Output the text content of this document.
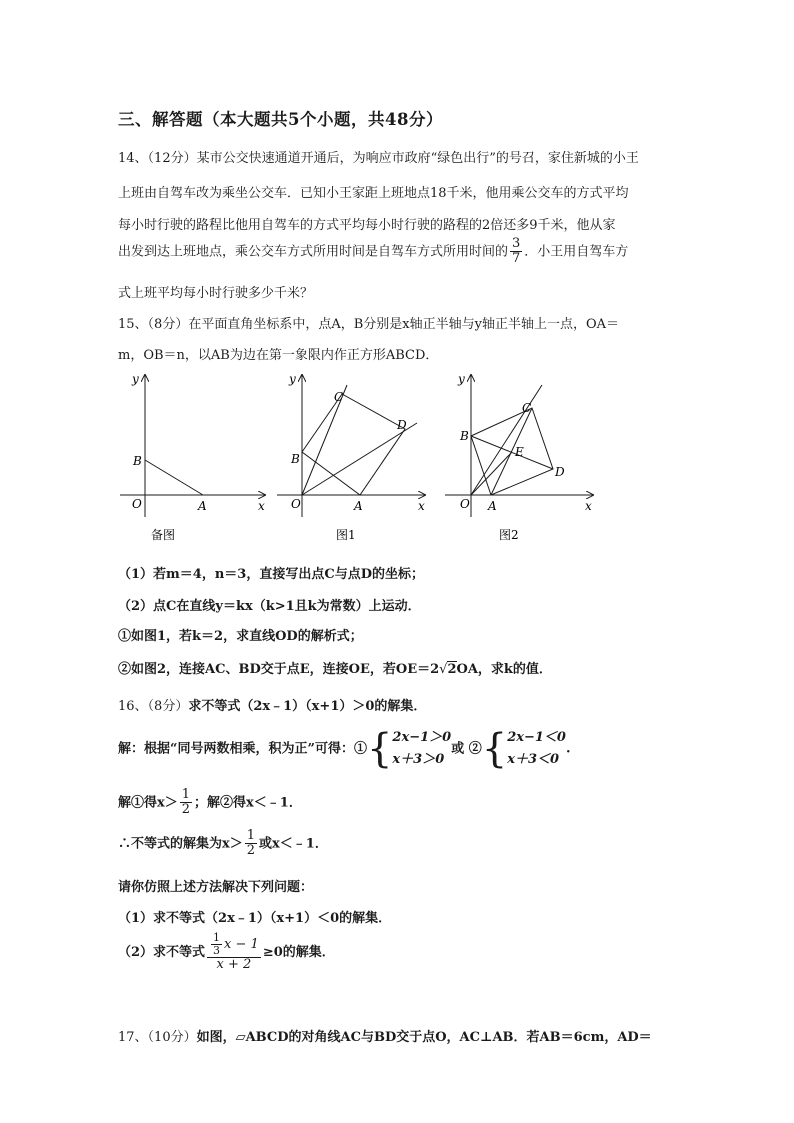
三、解答题（本大题共5个小题，共48分）
14、（12分）某市公交快速通道开通后，为响应市政府“绿色出行”的号召，家住新城的小王
上班由自驾车改为乘坐公交车．已知小王家距上班地点18千米，他用乘公交车的方式平均
每小时行驶的路程比他用自驾车的方式平均每小时行驶的路程的2倍还多9千米，他从家
出发到达上班地点，乘公交车方式所用时间是自驾车方式所用时间的 $\frac{3}{7}$ ．小王用自驾车方
式上班平均每小时行驶多少千米？
15、（8分）在平面直角坐标系中，点A，B分别是x轴正半轴与y轴正半轴上一点，OA＝
m，OB＝n，以AB为边在第一象限内作正方形ABCD．
y
x
O	A
B
备图
y
x
O	A
B
C
D
图1
y
x
O A
B
C
D
E
图2
（1）若m＝4，n＝3，直接写出点C与点D的坐标；
（2）点C在直线y＝kx（k>1且k为常数）上运动．
①如图1，若k＝2，求直线OD的解析式；
②如图2，连接AC、BD交于点E，连接OE，若OE＝2√2OA，求k的值．
16、（8分）求不等式（2x﹣1）（x+1）＞0的解集．
解：根据“同号两数相乘，积为正”可得：①{ 2x−1＞0
x＋3＞0
或 ②{ 2x−1＜0
x＋3＜0
.
解①得$x> \frac{1}{2}$ ；解②得x＜﹣1．
∴不等式的解集为$x> \frac{1}{2}$ 或x＜﹣1．
请你仿照上述方法解决下列问题：
（1）求不等式（2x﹣1）（x+1）＜0的解集．
（2）求不等式 $\frac{\frac{1}{3} x - 1}{x + 2} \ge 0$的解集．
17、（10分）如图，▱ABCD的对角线AC与BD交于点O，AC⊥AB．若AB＝6cm，AD＝
